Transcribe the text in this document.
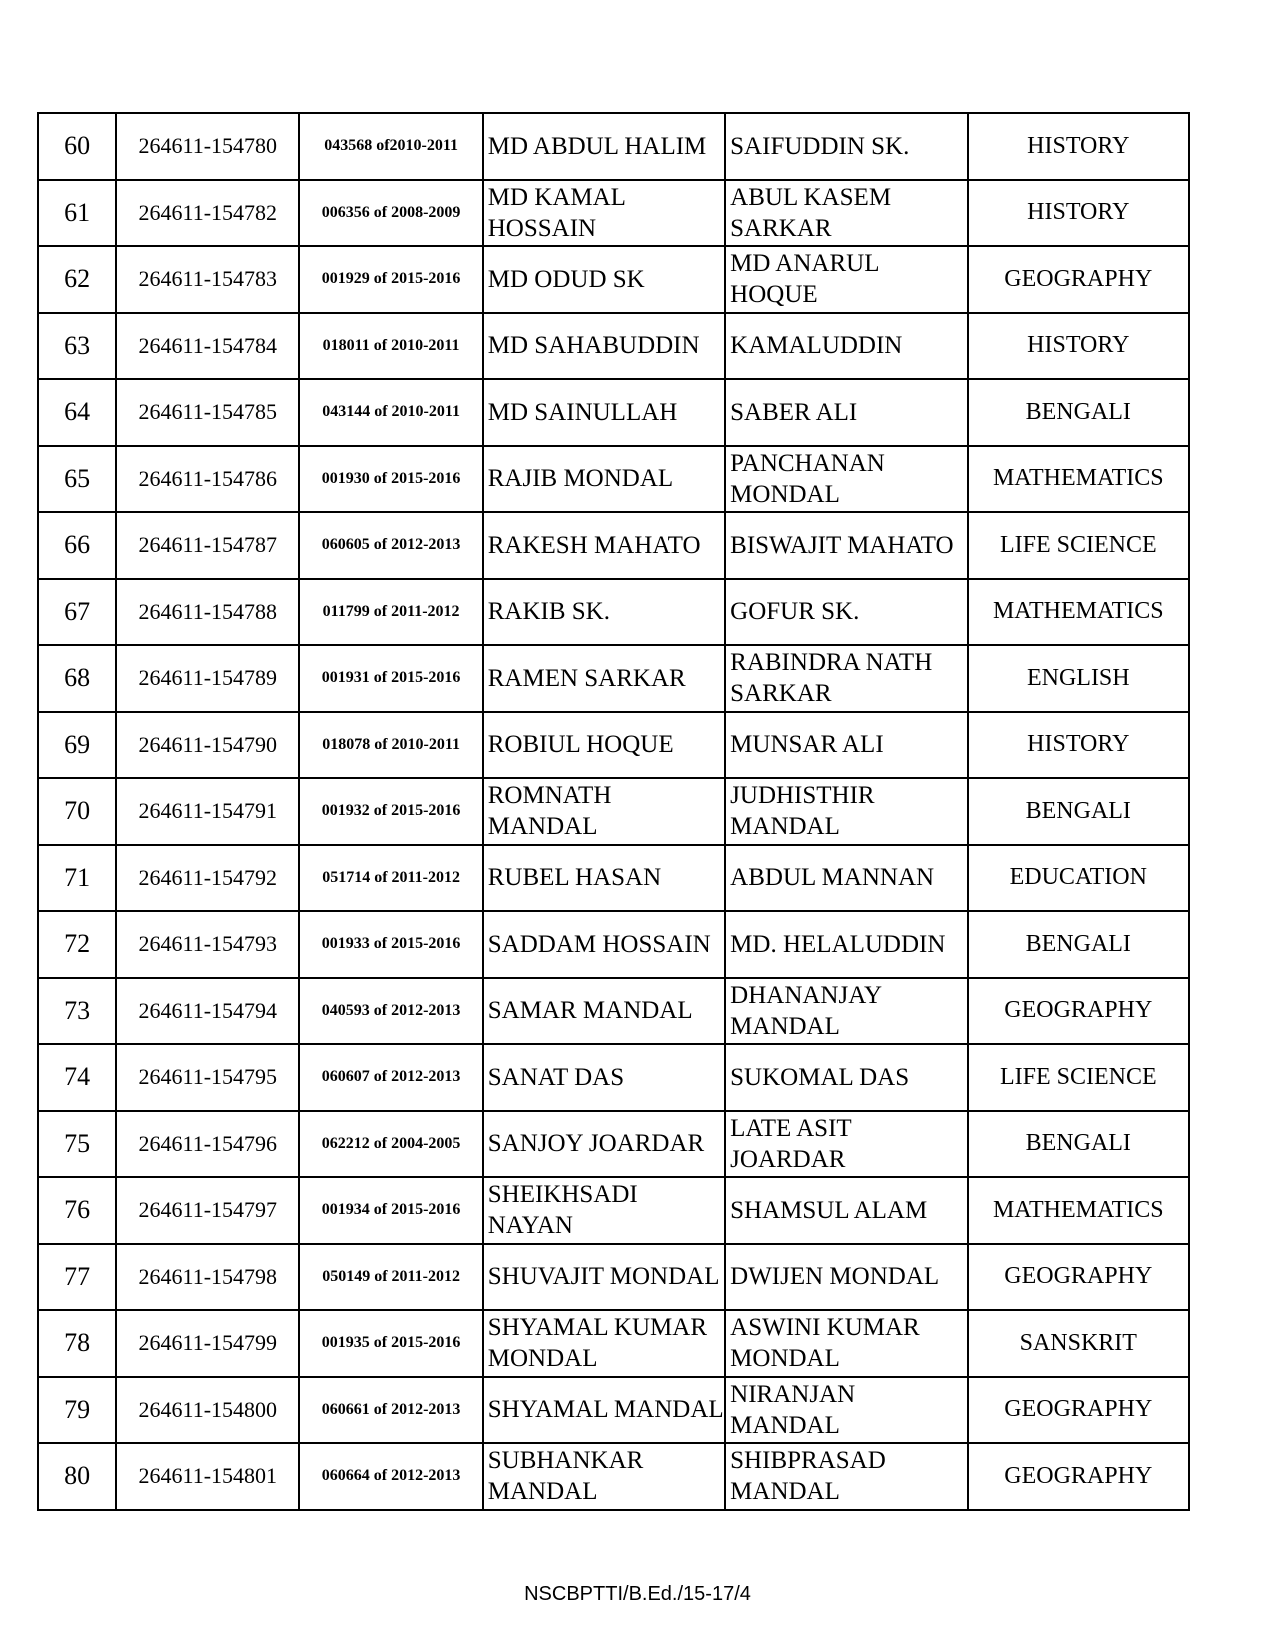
60	264611-154780	043568 of2010-2011	MD ABDUL HALIM	SAIFUDDIN SK.	HISTORY
61	264611-154782	006356 of 2008-2009	MD KAMAL HOSSAIN	ABUL KASEM SARKAR	HISTORY
62	264611-154783	001929 of 2015-2016	MD ODUD SK	MD ANARUL HOQUE	GEOGRAPHY
63	264611-154784	018011 of 2010-2011	MD SAHABUDDIN	KAMALUDDIN	HISTORY
64	264611-154785	043144 of 2010-2011	MD SAINULLAH	SABER ALI	BENGALI
65	264611-154786	001930 of 2015-2016	RAJIB MONDAL	PANCHANAN MONDAL	MATHEMATICS
66	264611-154787	060605 of 2012-2013	RAKESH MAHATO	BISWAJIT MAHATO	LIFE SCIENCE
67	264611-154788	011799 of 2011-2012	RAKIB SK.	GOFUR SK.	MATHEMATICS
68	264611-154789	001931 of 2015-2016	RAMEN SARKAR	RABINDRA NATH SARKAR	ENGLISH
69	264611-154790	018078 of 2010-2011	ROBIUL HOQUE	MUNSAR ALI	HISTORY
70	264611-154791	001932 of 2015-2016	ROMNATH MANDAL	JUDHISTHIR MANDAL	BENGALI
71	264611-154792	051714 of 2011-2012	RUBEL HASAN	ABDUL MANNAN	EDUCATION
72	264611-154793	001933 of 2015-2016	SADDAM HOSSAIN	MD. HELALUDDIN	BENGALI
73	264611-154794	040593 of 2012-2013	SAMAR MANDAL	DHANANJAY MANDAL	GEOGRAPHY
74	264611-154795	060607 of 2012-2013	SANAT DAS	SUKOMAL DAS	LIFE SCIENCE
75	264611-154796	062212 of 2004-2005	SANJOY JOARDAR	LATE ASIT JOARDAR	BENGALI
76	264611-154797	001934 of 2015-2016	SHEIKHSADI NAYAN	SHAMSUL ALAM	MATHEMATICS
77	264611-154798	050149 of 2011-2012	SHUVAJIT MONDAL	DWIJEN MONDAL	GEOGRAPHY
78	264611-154799	001935 of 2015-2016	SHYAMAL KUMAR MONDAL	ASWINI KUMAR MONDAL	SANSKRIT
79	264611-154800	060661 of 2012-2013	SHYAMAL MANDAL	NIRANJAN MANDAL	GEOGRAPHY
80	264611-154801	060664 of 2012-2013	SUBHANKAR MANDAL	SHIBPRASAD MANDAL	GEOGRAPHY
NSCBPTTI/B.Ed./15-17/4
